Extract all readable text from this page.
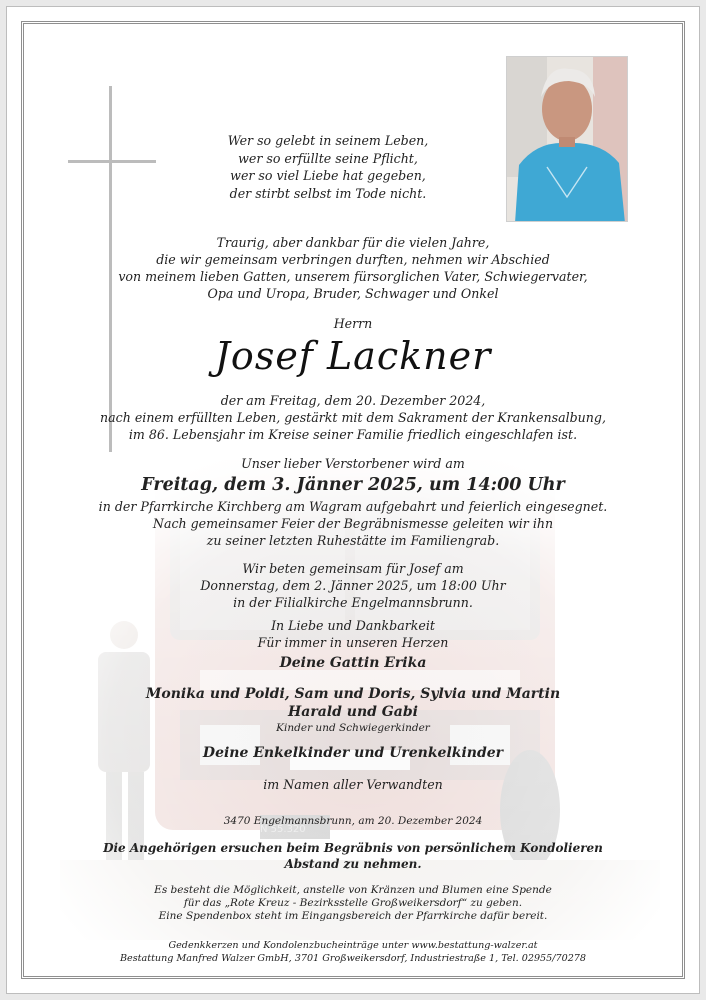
N 55.320
Wer so gelebt in seinem Leben,
wer so erfüllte seine Pflicht,
wer so viel Liebe hat gegeben,
der stirbt selbst im Tode nicht.
Traurig, aber dankbar für die vielen Jahre,
die wir gemeinsam verbringen durften, nehmen wir Abschied
von meinem lieben Gatten, unserem fürsorglichen Vater, Schwiegervater,
Opa und Uropa, Bruder, Schwager und Onkel
Herrn
Josef Lackner
der am Freitag, dem 20. Dezember 2024,
nach einem erfüllten Leben, gestärkt mit dem Sakrament der Krankensalbung,
im 86. Lebensjahr im Kreise seiner Familie friedlich eingeschlafen ist.
Unser lieber Verstorbener wird am
Freitag, dem 3. Jänner 2025, um 14:00 Uhr
in der Pfarrkirche Kirchberg am Wagram aufgebahrt und feierlich eingesegnet.
Nach gemeinsamer Feier der Begräbnismesse geleiten wir ihn
zu seiner letzten Ruhestätte im Familiengrab.
Wir beten gemeinsam für Josef am
Donnerstag, dem 2. Jänner 2025, um 18:00 Uhr
in der Filialkirche Engelmannsbrunn.
In Liebe und Dankbarkeit
Für immer in unseren Herzen
Deine Gattin Erika
Monika und Poldi, Sam und Doris, Sylvia und Martin
Harald und Gabi
Kinder und Schwiegerkinder
Deine Enkelkinder und Urenkelkinder
im Namen aller Verwandten
3470 Engelmannsbrunn, am 20. Dezember 2024
Die Angehörigen ersuchen beim Begräbnis von persönlichem Kondolieren
Abstand zu nehmen.
Es besteht die Möglichkeit, anstelle von Kränzen und Blumen eine Spende
für das „Rote Kreuz - Bezirksstelle Großweikersdorf“ zu geben.
Eine Spendenbox steht im Eingangsbereich der Pfarrkirche dafür bereit.
Gedenkkerzen und Kondolenzbucheinträge unter www.bestattung-walzer.at
Bestattung Manfred Walzer GmbH, 3701 Großweikersdorf, Industriestraße 1, Tel. 02955/70278
